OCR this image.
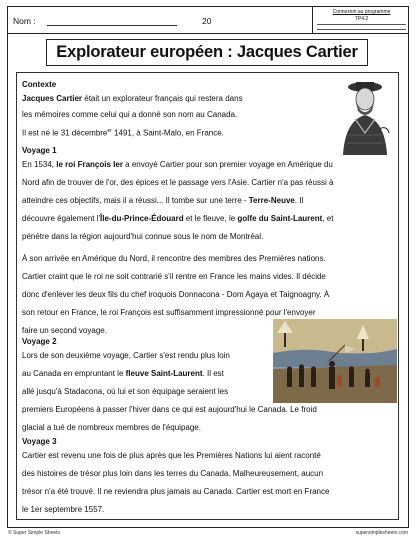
Nom :	20
Connexion au programme
TP4.2
Explorateur européen : Jacques Cartier
Contexte
Jacques Cartier était un explorateur français qui restera dans
les mémoires comme celui qui a donné son nom au Canada.
Il est né le 31 décembre$^{er}$ 1491, à Saint-Malo, en France.
Voyage 1
En 1534, le roi François Ier a envoyé Cartier pour son premier voyage en Amérique du
Nord afin de trouver de l'or, des épices et le passage vers l'Asie. Cartier n'a pas réussi à
atteindre ces objectifs, mais il a réussi... Il tombe sur une terre - Terre-Neuve. Il
découvre également l'Île-du-Prince-Édouard et le fleuve, le golfe du Saint-Laurent, et
pénètre dans la région aujourd'hui connue sous le nom de Montréal.
À son arrivée en Amérique du Nord, il rencontre des membres des Premières nations.
Cartier craint que le roi ne soit contrarié s'il rentre en France les mains vides. Il décide
donc d'enlever les deux fils du chef iroquois Donnacona - Dom Agaya et Taignoagny. À
son retour en France, le roi François est suffisamment impressionné pour l'envoyer
faire un second voyage.
Voyage 2
Lors de son deuxième voyage, Cartier s'est rendu plus loin
au Canada en empruntant le fleuve Saint-Laurent. Il est
allé jusqu'à Stadacona, où lui et son équipage seraient les
premiers Européens à passer l'hiver dans ce qui est aujourd'hui le Canada. Le froid
glacial a tué de nombreux membres de l'équipage.
Voyage 3
Cartier est revenu une fois de plus après que les Premières Nations lui aient raconté
des histoires de trésor plus loin dans les terres du Canada. Malheureusement, aucun
trésor n'a été trouvé. Il ne reviendra plus jamais au Canada. Cartier est mort en France
le 1er septembre 1557.
© Super Simple Sheets	supersimplesheets.com
